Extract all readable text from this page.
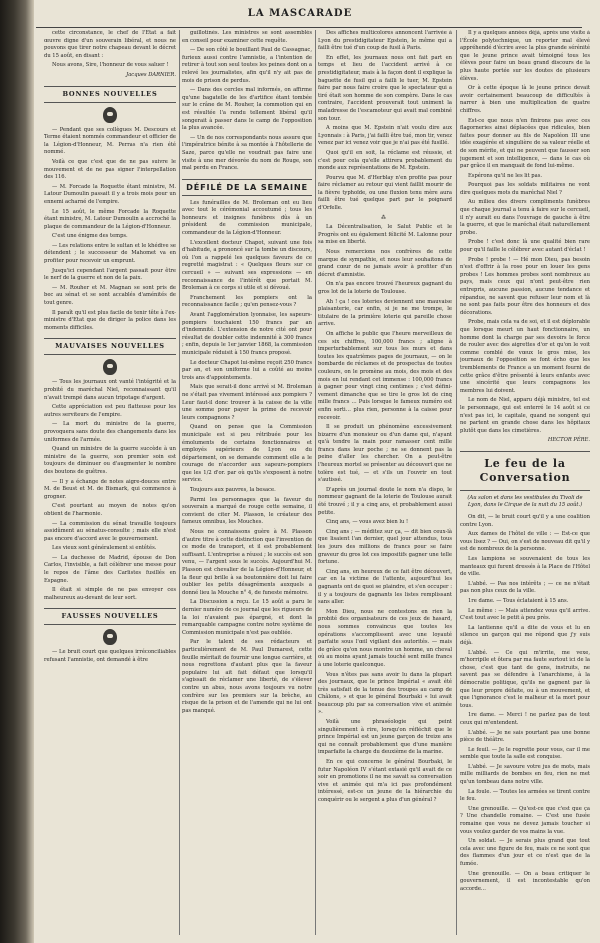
LA MASCARADE

cette circonstance, le chef de l'Etat a fait œuvre digne d'un souverain libéral, et nous ne pouvons que tirer notre chapeau devant le décret du 15 août, en disant :

Nous avons, Sire, l'honneur de vous saluer !

Jacques DARNIER.
BONNES NOUVELLES

— Pendant que ses collègues M. Descours et Terme étaient nommés commandeur et officier de la Légion-d'Honneur, M. Perras n'a rien été nommé.

Voilà ce que c'est que de ne pas suivre le mouvement et de ne pas signer l'interpellation des 116.

— M. Forcade la Roquette étant ministre, M. Latour Dumoulin passait il y a trois mois pour un ennemi acharné de l'empire.

Le 15 août, le même Forcade la Roquette étant ministre, M. Latour Dumoulin a accroché la plaque de commandeur de la Légion-d'Honneur.

C'est une énigme des temps.

— Les relations entre le sultan et le khédive se détendent ; le successeur de Mahomet va en profiter pour recevoir un emprunt.

Jusqu'ici cependant l'argent passait pour être le nerf de la guerre et non de la paix.

— M. Rouher et M. Magnan se sont pris de bec au sénat et se sont accablés d'aménités de tout genre.

Il paraît qu'il est plus facile de tenir tête à l'ex-ministre d'Etat que de diriger la police dans les moments difficiles.

MAUVAISES NOUVELLES

— Tous les journaux ont vanté l'intégrité et la probité du maréchal Niel, reconnaissant qu'il n'avait trempé dans aucun tripotage d'argent.

Cette appréciation est peu flatteuse pour les autres serviteurs de l'empire.

— La mort du ministre de la guerre, provoquera sans doute des changements dans les uniformes de l'armée.

Quand un ministre de la guerre succède à un ministre de la guerre, son premier soin est toujours de diminuer ou d'augmenter le nombre des boutons de guêtres.

— Il y a échange de notes aigre-douces entre M. de Beust et M. de Bismark, qui commence à grogner.

C'est pourtant au moyen de notes qu'on obtient de l'harmonie.

— La commission du sénat travaille toujours assidûment au sénatus-consulte ; mais elle n'est pas encore d'accord avec le gouvernement.

Les vieux sont généralement si entêtés.

— La duchesse de Madrid, épouse de Don Carlos, l'invisible, a fait célébrer une messe pour le repos de l'âme des Carlistes fusillés en Espagne.

Il était si simple de ne pas envoyer ces malheureux au-devant de leur sort.

FAUSSES NOUVELLES

— Le bruit court que quelques irréconciliables refusant l'amnistie, ont demandé à être

guillotinés. Les ministres se sont assemblés en conseil pour examiner cette requête.

— De son côté le bouillant Paul de Cassagnac, furieux aussi contre l'amnistie, a l'intention de retirer à tout son seul toutes les peines dont on a relevé les journalistes, afin qu'il n'y ait pas de mois de prison de perdus.

— Dans des cercles mal informés, on affirme qu'une bagatelle de les d'artifice étant tombée sur le crâne de M. Rouher, la commotion qui en est résultée l'a rendu tellement libéral qu'il songerait à passer dans le camp de l'opposition la plus avancée.

— Un de nos correspondants nous assure que l'impératrice bénite à sa montée à l'hôtellerie de Saze, parce qu'elle ne voudrait pas faire une visite à une mer dévorée du nom de Rouge, son mal perdu en France.

DÉFILÉ DE LA SEMAINE

Les funérailles de M. Broleman ont eu lieu avec tout le cérémonial accoutumé ; tous les honneurs et insignes funèbres dûs à un président de commission municipale, commandeur de la Légion-d'Honneur.

L'excellent docteur Chapot, suivant une fois d'habitude, a prononcé sur la tombe un discours, où l'on a rappelé les quelques faveurs de ce regretté magistrat : « Quelques fleurs sur ce cercueil » — suivant ses expressions — en reconnaissance de l'intérêt que portait M. Broleman à ce corps si utile et si dévoué.

Franchement les pompiers ont la reconnaissance facile ; qu'en pensez-vous ?

Avant l'agglomération lyonnaise, les sapeurs-pompiers touchaient 150 francs par an d'indemnité. L'extension de notre cité ont pour résultat de doubler cette indemnité à 300 francs ; enfin, depuis le 1er janvier 1868, la commission municipale réduisit à 150 francs proposé.

Le docteur Chapot lui-même reçoit 250 francs par an, et son uniforme lui a coûté au moins trois ans d'appointements.

Mais que serait-il donc arrivé si M. Broleman ne s'était pas vivement intéressé aux pompiers ? Leur faut-il donc trouver à la caisse de la ville une somme pour payer la prime de recevoir leurs compagnons ?

Quand on pense que la Commission municipale est si peu rétribuée pour les émoluments de certains fonctionnaires et employés supérieurs de Lyon ou du département, on se demande comment elle a le courage de n'accorder aux sapeurs-pompiers que les 1/2 d'or. par où qu'ils s'exposent à notre service.

Toujours aux pauvres, la besace.

Parmi les personnages que la faveur du souverain a marqué de rouge cette semaine, il convient de citer M. Plasson, le créateur des fameux omnibus, les Mouches.

Nous ne connaissons guère à M. Plasson d'autre titre à cette distinction que l'invention de ce mode de transport, et il est probablement suffisant. L'entreprise a réussi ; le succès est son venu, — l'argent sous le succès. Aujourd'hui M. Plasson est chevalier de la Légion-d'Honneur, et la fleur qui brille à sa boutonnière doit lui faire oublier les petits désagréments auxquels a donné lieu la Mouche n° 4, de funeste mémoire.

La Discussion a reçu. Le 15 août a paru le dernier numéro de ce journal que les rigueurs de la loi n'avaient pas épargné, et dont la remarquable campagne contre notre système de Commission municipale n'est pas oubliée.

Par le talent de ses rédacteurs et particulièrement de M. Paul Dumarest, cette feuille méritait de fournir une longue carrière, et nous regrettons d'autant plus que la faveur populaire lui ait fait défaut que lorsqu'il s'agissait de réclamer une liberté, de s'élever contre un abus, nous avons toujours vu notre confrère sur les premiers sur la brèche, au risque de la prison et de l'amende qui ne lui ont pas manqué.

Des affiches multicolores annoncent l'arrivée à Lyon du prestidigitateur Epstein, le même qui a failli être tué d'un coup de fusil à Paris.

En effet, les journaux nous ont fait part en temps et lieu de l'accident arrivé à ce prestidigitateur, mais à la façon dont il explique la baguette de fusil qui a failli le tuer, M. Epstein faire par nous faire croire que le spectateur qui a tiré était son homme de son compère. Dans le cas contraire, l'accident prouverait tout uniment la maladresse de l'escamoteur qui avait mal combiné son tour.

A moins que M. Epstein n'ait voulu dire aux Lyonnais : à Paris, j'ai failli être tué, mon tir, venez venez par ici venez voir que je n'ai pas été fusillé.

Quoi qu'il en soit, la réclame est réussie, et c'est pour cela qu'elle attirera probablement du monde aux représentations de M. Epstein.

Pourvu que M. d'Herblay n'en profite pas pour faire réclamer au retour qui vient faillit mourir de la fièvre typhoïde, ou une fluxion tenu mère aura failli être tué quelque part par le poignard d'Orfelle.

⁂

La Décentralisation, le Salut Public et le Progrès ont eu également félicité M. Lalonne pour sa mise en liberté.

Nous remercions nos confrères de cette marque de sympathie, et nous leur souhaitons de grand cœur de ne jamais avoir à profiter d'un décret d'amnistie.

On n'a pas encore trouvé l'heureux gagnant du gros lot de la loterie de Toulouse.

Ah ! ça ! ces loteries deviennent une mauvaise plaisanterie, car enfin, si je ne me trompe, le titulaire de la primière loterie qui pareille chose arrive.

On affiche le public que l'heure merveilleux de ces six chiffres, 100,000 francs ; aligne à imperturbablement sur tous les murs et dans toutes les quatrièmes pages de journaux, — on le bombarde de réclames et de prospectus de toutes couleurs, on le promène au mois, des mois et des mois en lui rendant cet immense : 100,000 francs à gagner pour vingt cinq centimes ; c'est défini- vement dimanche que se tire le gros lot de cinq mille francs … Puis lorsque le fameux numéro est enfin sorti… plus rien, personne à la caisse pour recevoir.

Il se produit un phénomène excessivement bizarre d'un monsieur ou d'un dame qui, n'ayant qu'à tendre la main pour ramasser cent mille francs dans leur poche ; ne se donnent pas la peine d'aller les chercher. On a peut-être l'heureux mortel se présenter au découvert que ne tolère est tué, — et s'ils un l'ouvrir en tout s'autissé.

D'après un journal doute le nom n'a dispo, le nommeur gagnant de la loterie de Toulouse aurait été trouvé ; il y a cinq ans, et probablement aussi petite.

Cinq ans, — vous avez bien lu !

Cinq ans ; — méditez sur ça, — dit bien ceux-là que lisaient l'an dernier, quel jour attendus, tous les jours des millions de francs pour se faire graveur du gros lot ces impositifs gagner une telle fortune.

Cinq ans, en heureux de ce fait être découvert, car en la victime de l'attente, aujourd'hui les gagnants ont de quoi se plaindre, et s'en occuper : il y a toujours de gagnants les listes remplissant sans aller.

Mon Dieu, nous ne contestons en rien la probité des organisateurs de ces jeux de hasard, nous sommes convaincus que toutes les opérations s'accomplissent avec une loyauté parfaite sous l'œil vigilant des autorités. — mais de grâce qu'on nous montre un homme, un cheval où au moins ayant jamais touché sent mille francs à une loterie quelconque.

Vous n'êtes pas sans avoir lu dans la plupart des journaux, que le prince Impérial « avait été très satisfait de la tenue des troupes au camp de Châlons, » et que le général Bourbaki « lui avait beaucoup plu par sa conversation vive et animée ».

Voilà une phraséologie qui peint singulièrement à rire, lorsqu'on réfléchit que le prince Impérial est un jeune garçon de treize ans qui ne connaît probablement que d'une manière imparfaite la charge du deuxième de la marine.

En ce qui concerne le général Bourbaki, le futur Napoléon IV s'étant extasié qu'il avait de ce soir en promotions il ne me savait sa conversation vive et animée qui m'a ici pas profondément intéressé, est-ce un jeune de la hiérarchie du conquérir ou le sergent a plus d'un général ?

Il y a quelques années déjà, après une visite à l'École polytechnique, un reporter mal élevé appréhendé d'écrire avec la plus grande sérénité que le jeune prince avait témoigné tous les élèves pour faire un beau grand discours de la plus haute portée sur les doutes de plusieurs élèves.

Or à cette époque là le jeune prince devait avoir certainement beaucoup de difficultés à narrer à bien une multiplication de quatre chiffres.

Est-ce que nous n'en finirons pas avec ces flagorneries ainsi déplacées que ridicules, bien faites pour donner au fils de Napoléon III une idée exagérée et singulière de sa valeur réelle et de son mérite, et qui ne peuvent que fausser son jugement et son intelligence, — dans le cas où par grâce il en manquait de fond lui-même.

Espérons qu'il ne les lit pas.

Pourquoi pas les soldats militaires ne vont dire quelques mots du maréchal Niel ?

Au milieu des divers compliments funèbres que chaque journal a tenu à faire sur le cercueil, il n'y aurait eu dans l'ouvrage de gauche à être la guerre, et que le maréchal était naturellement probe.

Probe ! c'est donc là une qualité bien rare pour qu'il faille le célébrer avec autant d'éclat !

Probe ! probe ! — Hé mon Dieu, pas besoin n'est d'offrir à la rose pour en louer les gens probes ! Les hommes probes sont nombreux au pays, mais ceux qui n'ont peut-être rien entrepris, aucune passion, aucune tendance et répandue, ne savent que refuser leur nom et là ne sont pas faits pour être des honneurs et des décorations.

Probe, mais cela va de soi, et il est déplorable que lorsque meurt un haut fonctionnaire, un homme dont la charge par ses devoirs le force de rouler avec des aigrettes d'or et qu'on le voit comme comblé de vœux le gros mise, les journaux de l'opposition se font écho que les tremblements de France a un moment fourni de cette grâce d'être présenté à leurs enfants avec une sincérité que leurs compagnons les membres lui doivent.

Le nom de Niel, apparu déjà ministre, tel est le personnage, qui est enterré le 14 août si ce n'est pas ici, le capitale, quand ne songent qui ne partent en grande chose dans les hôpitaux plutôt que dans les cimetières.

HECTOR PÉRE.
Le feu de la Conversation
(Au salon et dans les vestibules du Tivoli de Lyon, dans le Cirque de la nuit du 15 août.)

On dit, — le bruit court qu'il y a une coalition contre Lyon.

Aux dames de l'hôtel de ville : — Est-ce que vous lisez ? — Oui, on s'est de nouveau dit qu'il y est de nombreux de la personne.

Les lampions se souvenaient de tous les manteaux qui furent dressés à la Place de l'Hôtel de ville.

L'abbé. — Pas nos intérêts ; — ce ne n'était pas non plus ceux de la ville.

1re dame. — Tous éclataient à 15 ans.

Le même : — Mais attendez vous qu'il arrive. C'est tout avec le petit à peu près.

La lantienne qu'il a dite de vous et lu en silence un garçon qui me répond que j'y suis déjà.

L'abbé. — Ce qui m'irrite, me vexe, m'horripile et ôtera par ma faute surtout ici de la chose, c'est que tant de gens, instruits, ne savent pas se défendre à l'anarchisme, à la démocratie politique, qu'ils ne gagnent par là que leur propre défaite, ou à un mouvement, et que l'ignorance c'est le malheur et la mort pour tous.

1re dame. — Merci ! ne parlez pas de tout ceux qui m'entendent.

L'abbé. — Je ne sais pourtant pas une bonne pièce de théâtre.

Le feuil. — Je le regrette pour vous, car il me semble que toute la salle est conquise.

L'abbé. — Je savoure votre jus de mots, mais mille milliards de bombes en feu, rien ne met qu'un tombeau dans notre ville.

La foule. — Toutes les armées se tirent contre le feu.

Une grenouille. — Qu'est-ce que c'est que ça ? Une chandelle romaine. — C'est une fusée romaine que vous ne devez jamais toucher si vous voulez garder de vos mains la vue.

Un soldat. — Je serais plus grand que tout cela avec une figure de feu, mais ce ne sont que des flammes d'un jour et ce n'est que de la fumée.

Une grenouille. — On a beau critiquer le gouvernement, il est incontestable qu'on accorde...
